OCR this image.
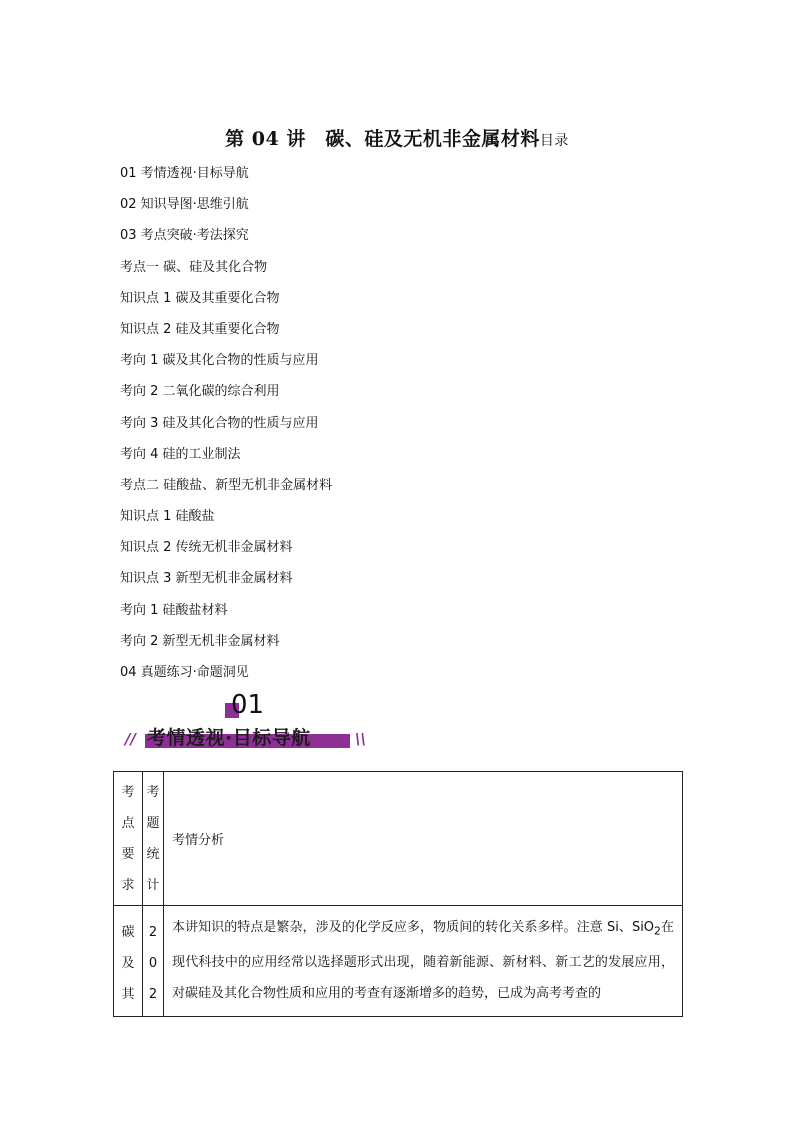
第 04 讲　碳、硅及无机非金属材料目录
01 考情透视·目标导航
02 知识导图·思维引航
03 考点突破·考法探究
考点一 碳、硅及其化合物
知识点 1 碳及其重要化合物
知识点 2 硅及其重要化合物
考向 1 碳及其化合物的性质与应用
考向 2 二氧化碳的综合利用
考向 3 硅及其化合物的性质与应用
考向 4 硅的工业制法
考点二 硅酸盐、新型无机非金属材料
知识点 1 硅酸盐
知识点 2 传统无机非金属材料
知识点 3 新型无机非金属材料
考向 1 硅酸盐材料
考向 2 新型无机非金属材料
04 真题练习·命题洞见
01
// 考情透视·目标导航	\\
考
点
要
求	考
题
统
计	考情分析

碳
及
其	2
0
2	本讲知识的特点是繁杂，涉及的化学反应多，物质间的转化关系多样。注意 Si、SiO$_2$在现代科技中的应用经常以选择题形式出现，随着新能源、新材料、新工艺的发展应用，对碳硅及其化合物性质和应用的考查有逐渐增多的趋势，已成为高考考查的
